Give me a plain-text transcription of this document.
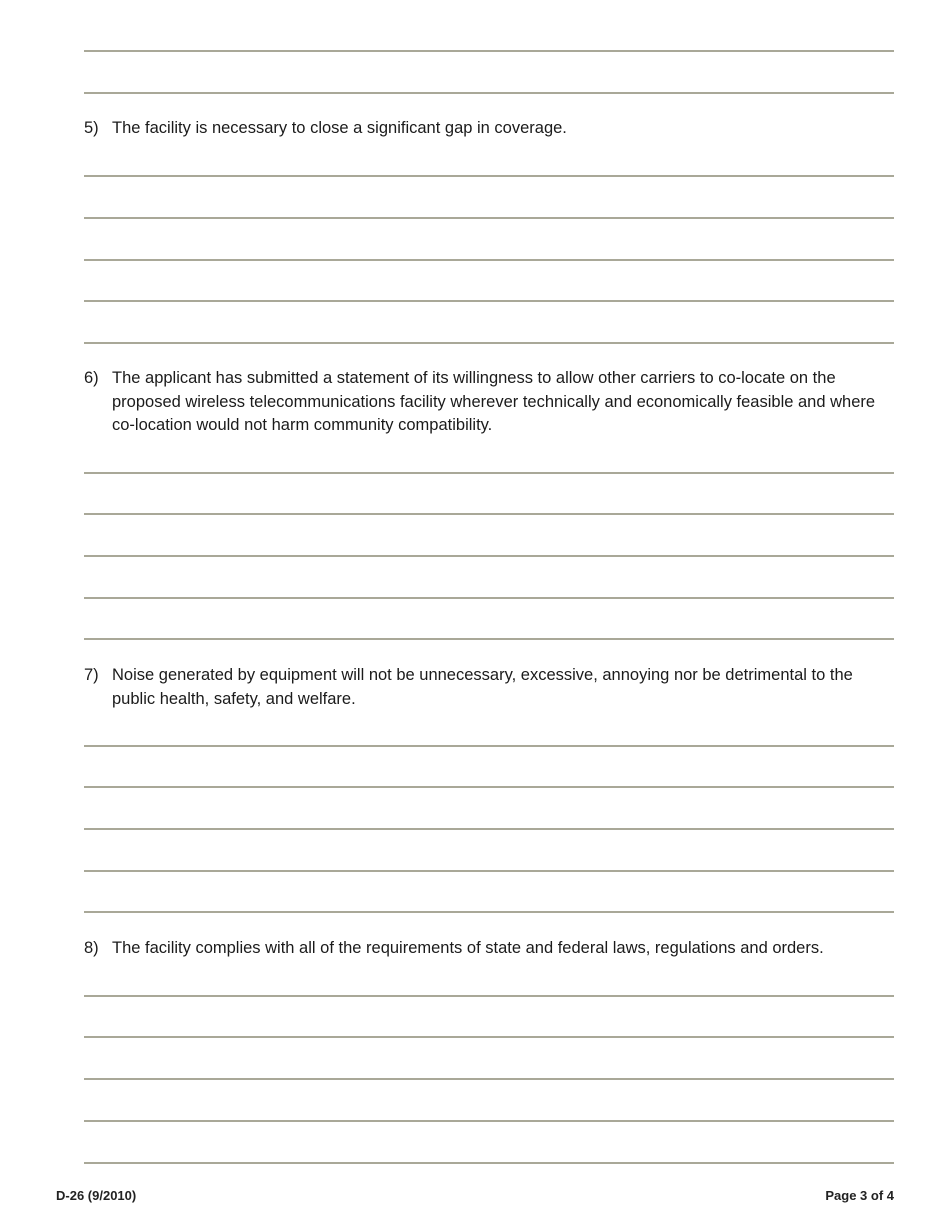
5) The facility is necessary to close a significant gap in coverage.
6) The applicant has submitted a statement of its willingness to allow other carriers to co-locate on the proposed wireless telecommunications facility wherever technically and economically feasible and where co-location would not harm community compatibility.
7) Noise generated by equipment will not be unnecessary, excessive, annoying nor be detrimental to the public health, safety, and welfare.
8) The facility complies with all of the requirements of state and federal laws, regulations and orders.
D-26 (9/2010)	Page 3 of 4
